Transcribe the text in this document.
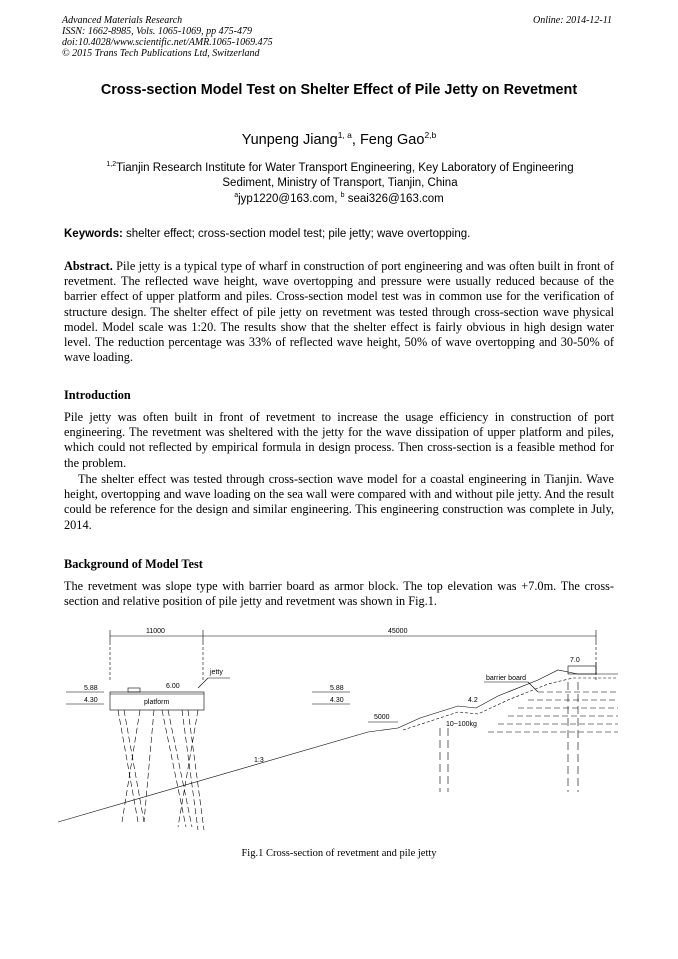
Advanced Materials Research
ISSN: 1662-8985, Vols. 1065-1069, pp 475-479
doi:10.4028/www.scientific.net/AMR.1065-1069.475
© 2015 Trans Tech Publications Ltd, Switzerland
Online: 2014-12-11
Cross-section Model Test on Shelter Effect of Pile Jetty on Revetment
Yunpeng Jiang$^{1, a}$, Feng Gao$^{2,b}$
$^{1,2}$Tianjin Research Institute for Water Transport Engineering, Key Laboratory of Engineering Sediment, Ministry of Transport, Tianjin, China
$^a$jyp1220@163.com, $^b$ seai326@163.com
Keywords: shelter effect; cross-section model test; pile jetty; wave overtopping.
Abstract. Pile jetty is a typical type of wharf in construction of port engineering and was often built in front of revetment. The reflected wave height, wave overtopping and pressure were usually reduced because of the barrier effect of upper platform and piles. Cross-section model test was in common use for the verification of structure design. The shelter effect of pile jetty on revetment was tested through cross-section wave physical model. Model scale was 1:20. The results show that the shelter effect is fairly obvious in high design water level. The reduction percentage was 33% of reflected wave height, 50% of wave overtopping and 30-50% of wave loading.
Introduction
Pile jetty was often built in front of revetment to increase the usage efficiency in construction of port engineering. The revetment was sheltered with the jetty for the wave dissipation of upper platform and piles, which could not reflected by empirical formula in design process. Then cross-section is a feasible method for the problem.
The shelter effect was tested through cross-section wave model for a coastal engineering in Tianjin. Wave height, overtopping and wave loading on the sea wall were compared with and without pile jetty. And the result could be reference for the design and similar engineering. This engineering construction was complete in July, 2014.
Background of Model Test
The revetment was slope type with barrier board as armor block. The top elevation was +7.0m. The cross-section and relative position of pile jetty and revetment was shown in Fig.1.
11000	45000
jetty
6.00
platform
barrier board
7.0
4.2
10~100kg
5000
1:3
5.88
4.30
5.88
4.30
Fig.1 Cross-section of revetment and pile jetty
